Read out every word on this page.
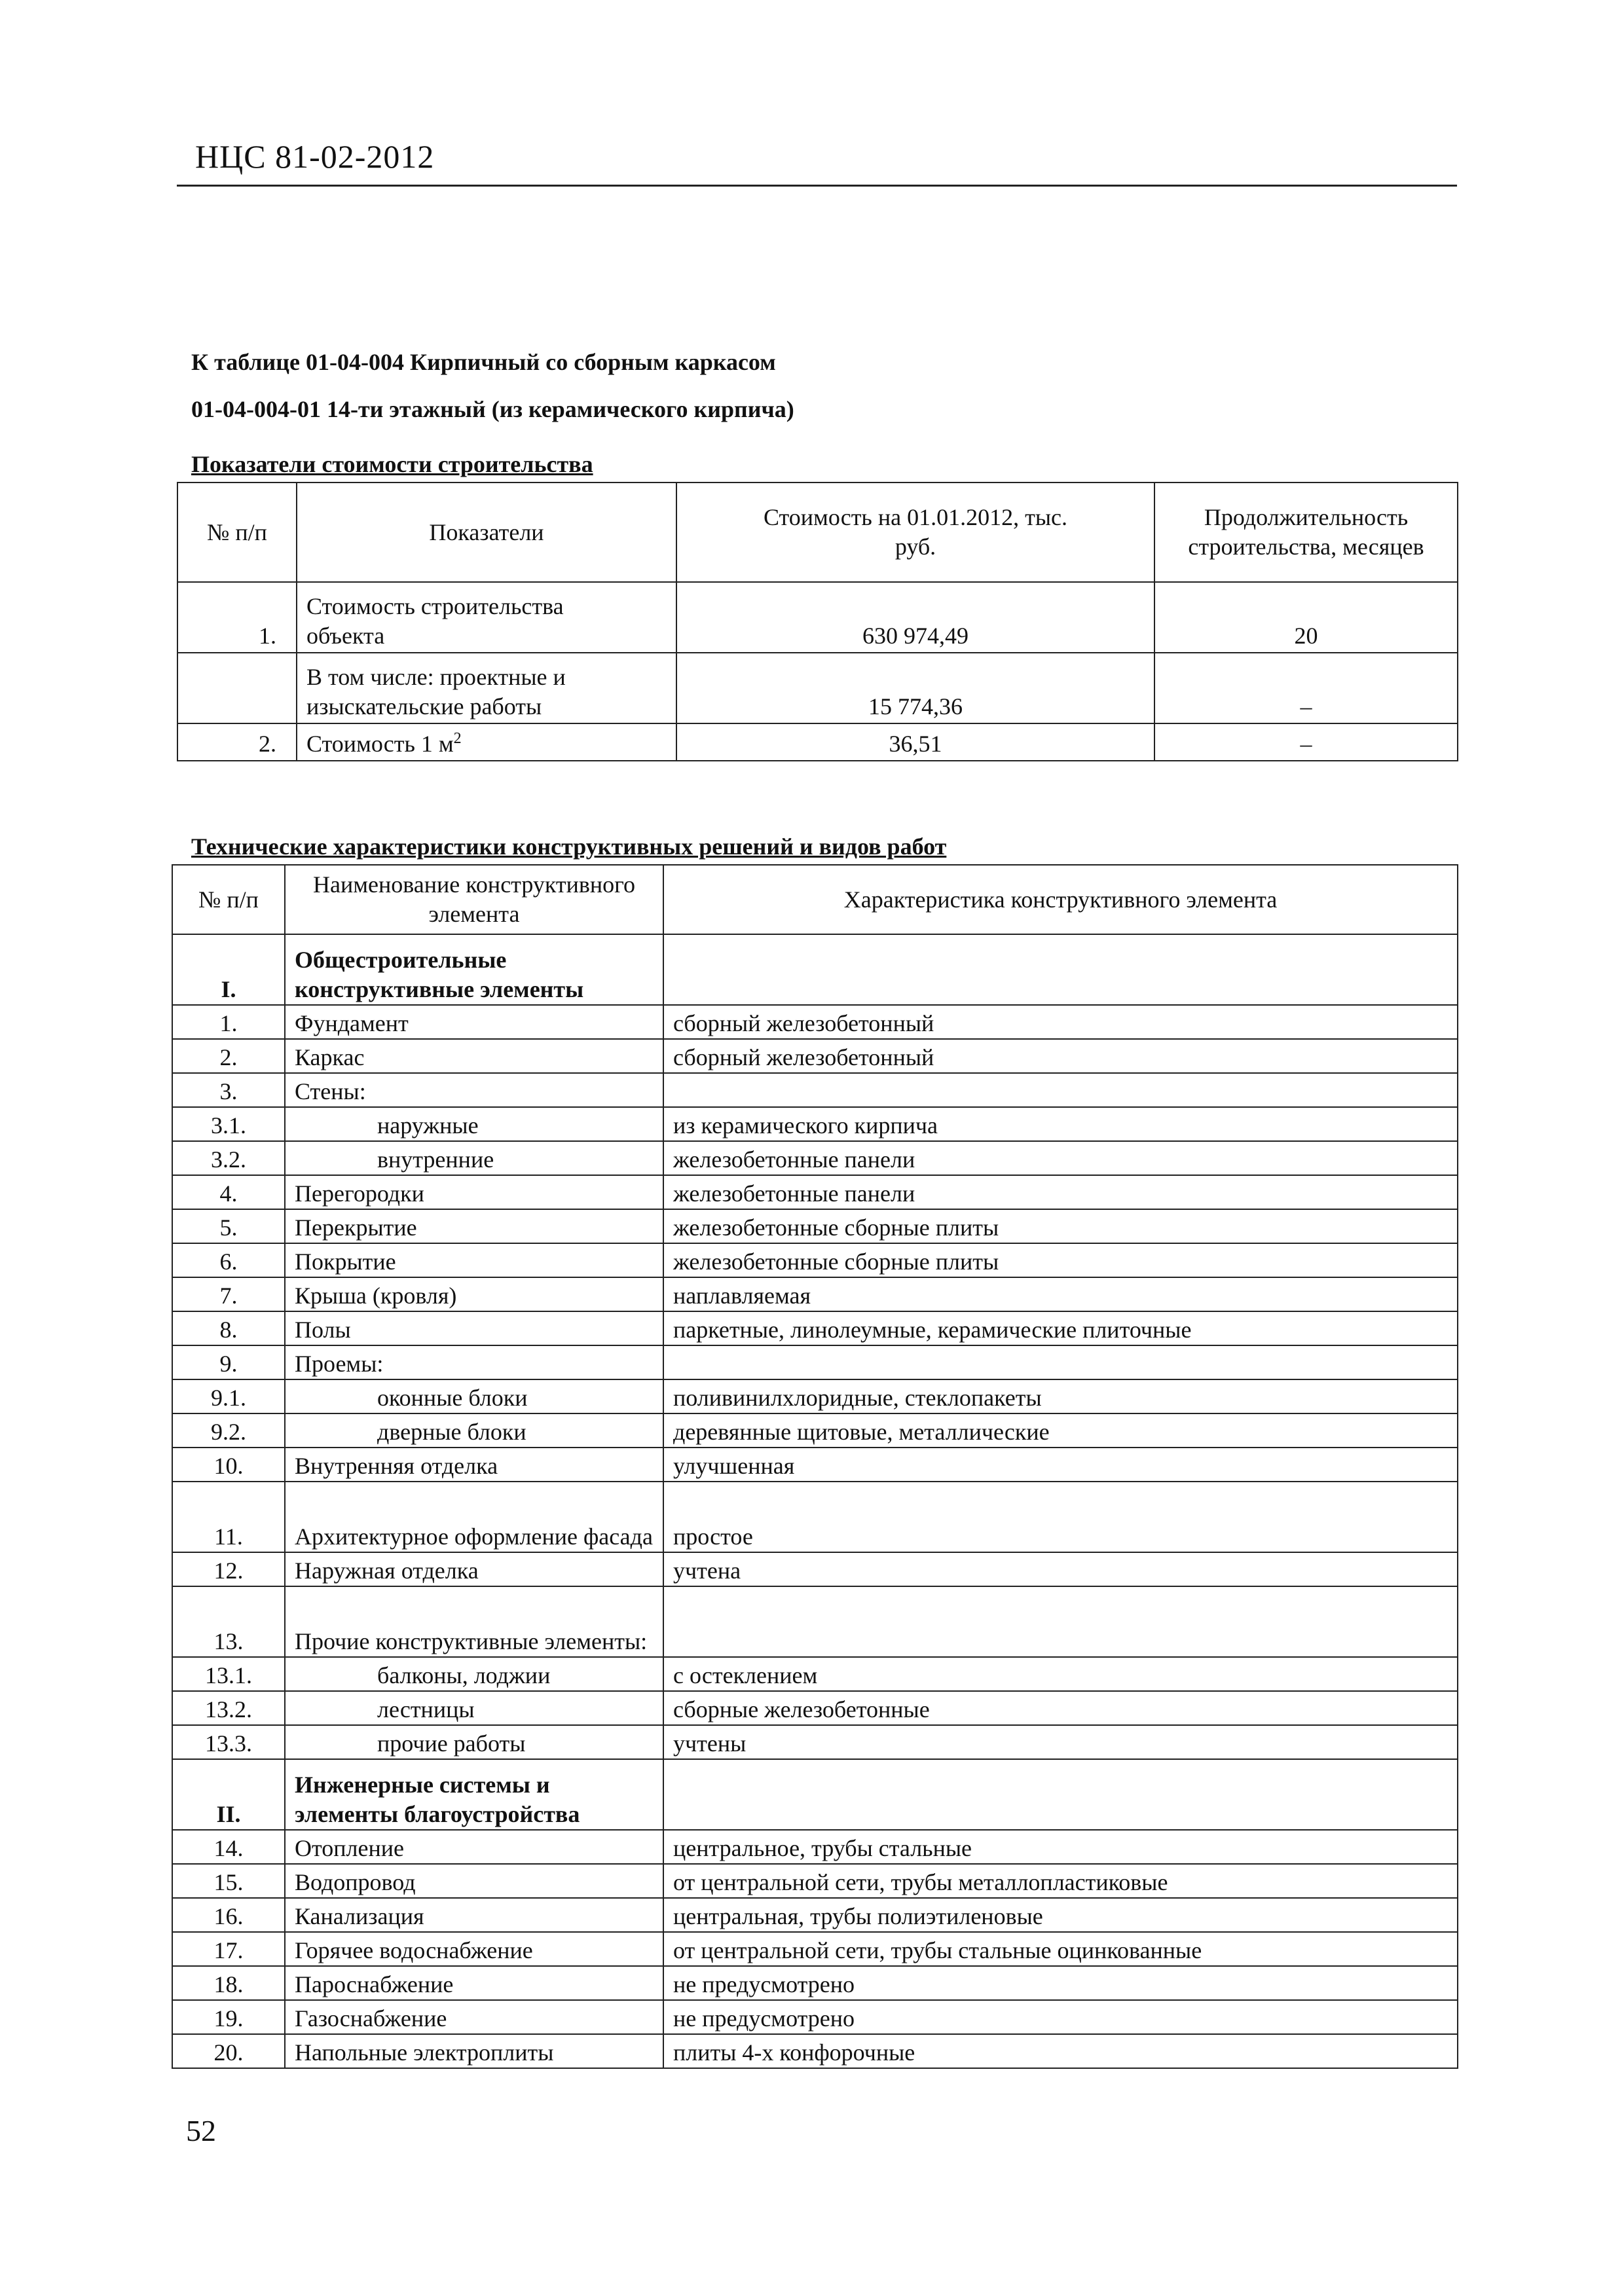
НЦС 81-02-2012
К таблице 01-04-004 Кирпичный со сборным каркасом
01-04-004-01 14-ти этажный (из керамического кирпича)
Показатели стоимости строительства
№ п/п	Показатели	Стоимость на 01.01.2012, тыс. руб.	Продолжительность строительства, месяцев
1.	Стоимость строительства объекта	630 974,49	20
	В том числе: проектные и изыскательские работы	15 774,36	–
2.	Стоимость 1 $м^2$	36,51	–
Технические характеристики конструктивных решений и видов работ
№ п/п	Наименование конструктивного элемента	Характеристика конструктивного элемента
I.	Общестроительные конструктивные элементы	
1.	Фундамент	сборный железобетонный
2.	Каркас	сборный железобетонный
3.	Стены:	
3.1.	наружные	из керамического кирпича
3.2.	внутренние	железобетонные панели
4.	Перегородки	железобетонные панели
5.	Перекрытие	железобетонные сборные плиты
6.	Покрытие	железобетонные сборные плиты
7.	Крыша (кровля)	наплавляемая
8.	Полы	паркетные, линолеумные, керамические плиточные
9.	Проемы:	
9.1.	оконные блоки	поливинилхлоридные, стеклопакеты
9.2.	дверные блоки	деревянные щитовые, металлические
10.	Внутренняя отделка	улучшенная
11.	Архитектурное оформление фасада	простое
12.	Наружная отделка	учтена
13.	Прочие конструктивные элементы:	
13.1.	балконы, лоджии	с остеклением
13.2.	лестницы	сборные железобетонные
13.3.	прочие работы	учтены
II.	Инженерные системы и элементы благоустройства	
14.	Отопление	центральное, трубы стальные
15.	Водопровод	от центральной сети, трубы металлопластиковые
16.	Канализация	центральная, трубы полиэтиленовые
17.	Горячее водоснабжение	от центральной сети, трубы стальные оцинкованные
18.	Пароснабжение	не предусмотрено
19.	Газоснабжение	не предусмотрено
20.	Напольные электроплиты	плиты 4-х конфорочные
52
